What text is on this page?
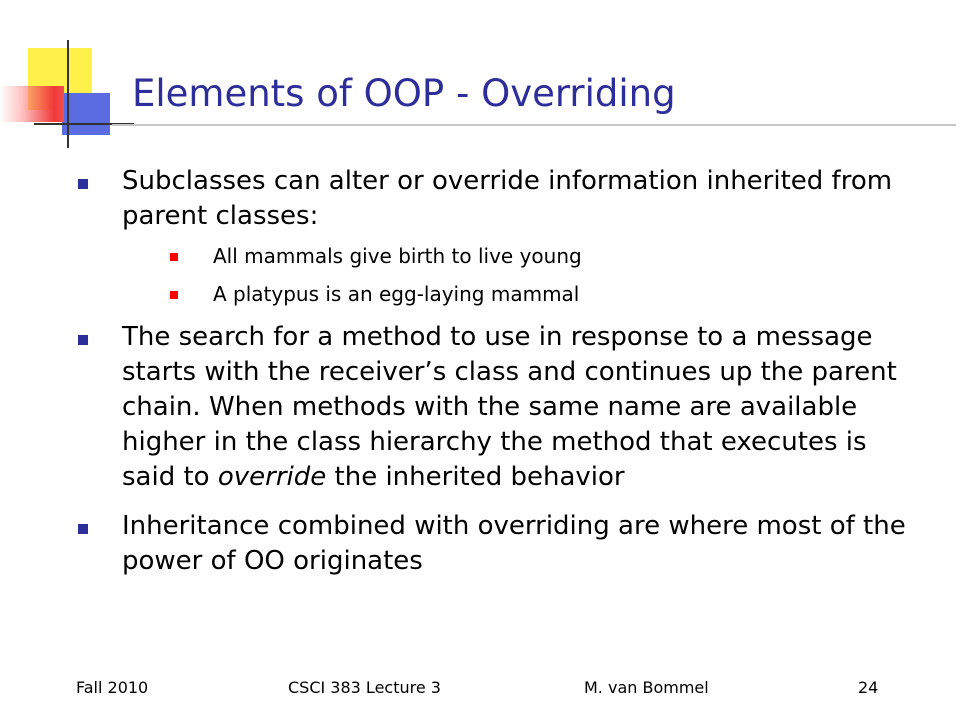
Elements of OOP - Overriding
Subclasses can alter or override information inherited from parent classes:
All mammals give birth to live young
A platypus is an egg-laying mammal
The search for a method to use in response to a message starts with the receiver’s class and continues up the parent chain. When methods with the same name are available higher in the class hierarchy the method that executes is said to override the inherited behavior
Inheritance combined with overriding are where most of the power of OO originates
Fall 2010	CSCI 383 Lecture 3	M. van Bommel	24
